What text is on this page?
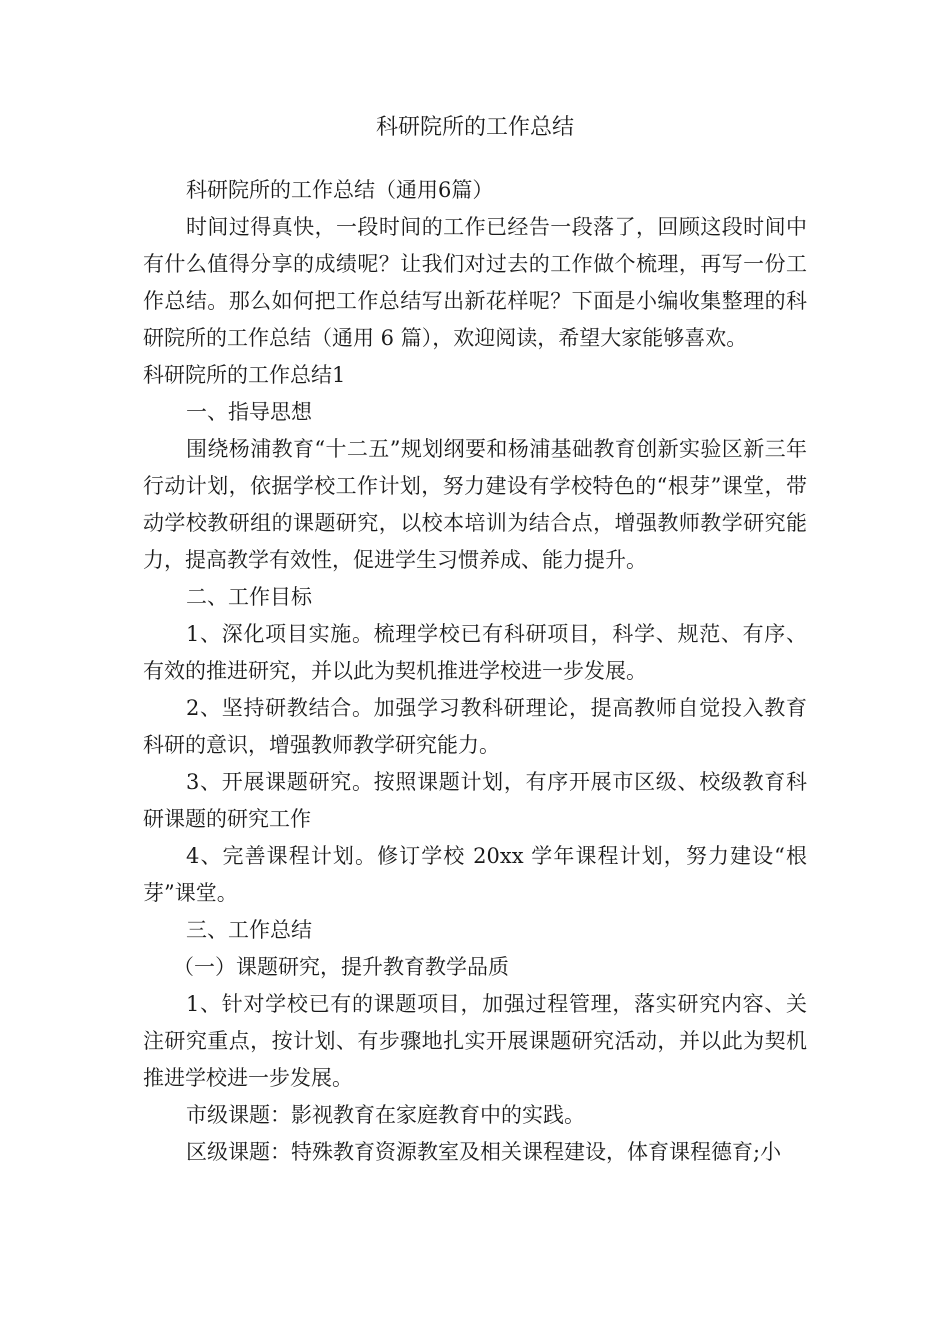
科研院所的工作总结

科研院所的工作总结（通用6篇）

时间过得真快，一段时间的工作已经告一段落了，回顾这段时间中有什么值得分享的成绩呢？让我们对过去的工作做个梳理，再写一份工作总结。那么如何把工作总结写出新花样呢？下面是小编收集整理的科研院所的工作总结（通用 6 篇），欢迎阅读，希望大家能够喜欢。

科研院所的工作总结1

一、指导思想

围绕杨浦教育“十二五”规划纲要和杨浦基础教育创新实验区新三年行动计划，依据学校工作计划，努力建设有学校特色的“根芽”课堂，带动学校教研组的课题研究，以校本培训为结合点，增强教师教学研究能力，提高教学有效性，促进学生习惯养成、能力提升。

二、工作目标

1、深化项目实施。梳理学校已有科研项目，科学、规范、有序、有效的推进研究，并以此为契机推进学校进一步发展。

2、坚持研教结合。加强学习教科研理论，提高教师自觉投入教育科研的意识，增强教师教学研究能力。

3、开展课题研究。按照课题计划，有序开展市区级、校级教育科研课题的研究工作

4、完善课程计划。修订学校 20xx 学年课程计划，努力建设“根芽”课堂。

三、工作总结

（一）课题研究，提升教育教学品质

1、针对学校已有的课题项目，加强过程管理，落实研究内容、关注研究重点，按计划、有步骤地扎实开展课题研究活动，并以此为契机推进学校进一步发展。

市级课题：影视教育在家庭教育中的实践。

区级课题：特殊教育资源教室及相关课程建设，体育课程德育;小
